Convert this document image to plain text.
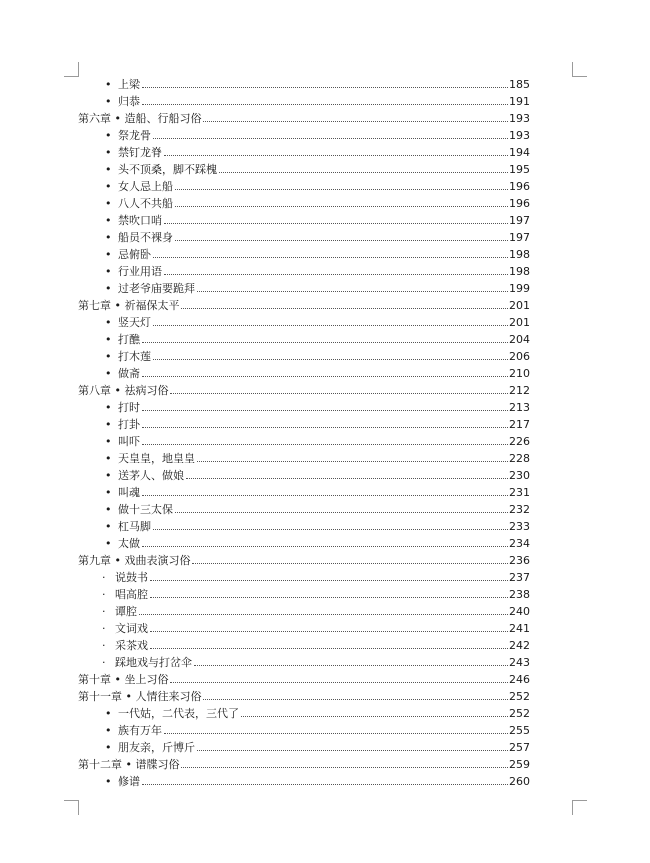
• 上梁	185
• 归恭	191
第六章 • 造船、行船习俗	193
• 祭龙骨	193
• 禁钉龙脊	194
• 头不顶桑，脚不踩槐	195
• 女人忌上船	196
• 八人不共船	196
• 禁吹口哨	197
• 船员不裸身	197
• 忌俯卧	198
• 行业用语	198
• 过老爷庙要跪拜	199
第七章 • 祈福保太平	201
• 竖天灯	201
• 打醮	204
• 打木莲	206
• 做斋	210
第八章 • 祛病习俗	212
• 打时	213
• 打卦	217
• 叫吓	226
• 天皇皇，地皇皇	228
• 送茅人、做娘	230
• 叫魂	231
• 做十三太保	232
• 杠马脚	233
• 太做	234
第九章 • 戏曲表演习俗	236
· 说鼓书	237
· 唱高腔	238
· 谭腔	240
· 文词戏	241
· 采茶戏	242
· 踩地戏与打岔伞	243
第十章 • 坐上习俗	246
第十一章 • 人情往来习俗	252
• 一代姑，二代表，三代了	252
• 族有万年	255
• 朋友亲，斤博斤	257
第十二章 • 谱牒习俗	259
• 修谱	260
